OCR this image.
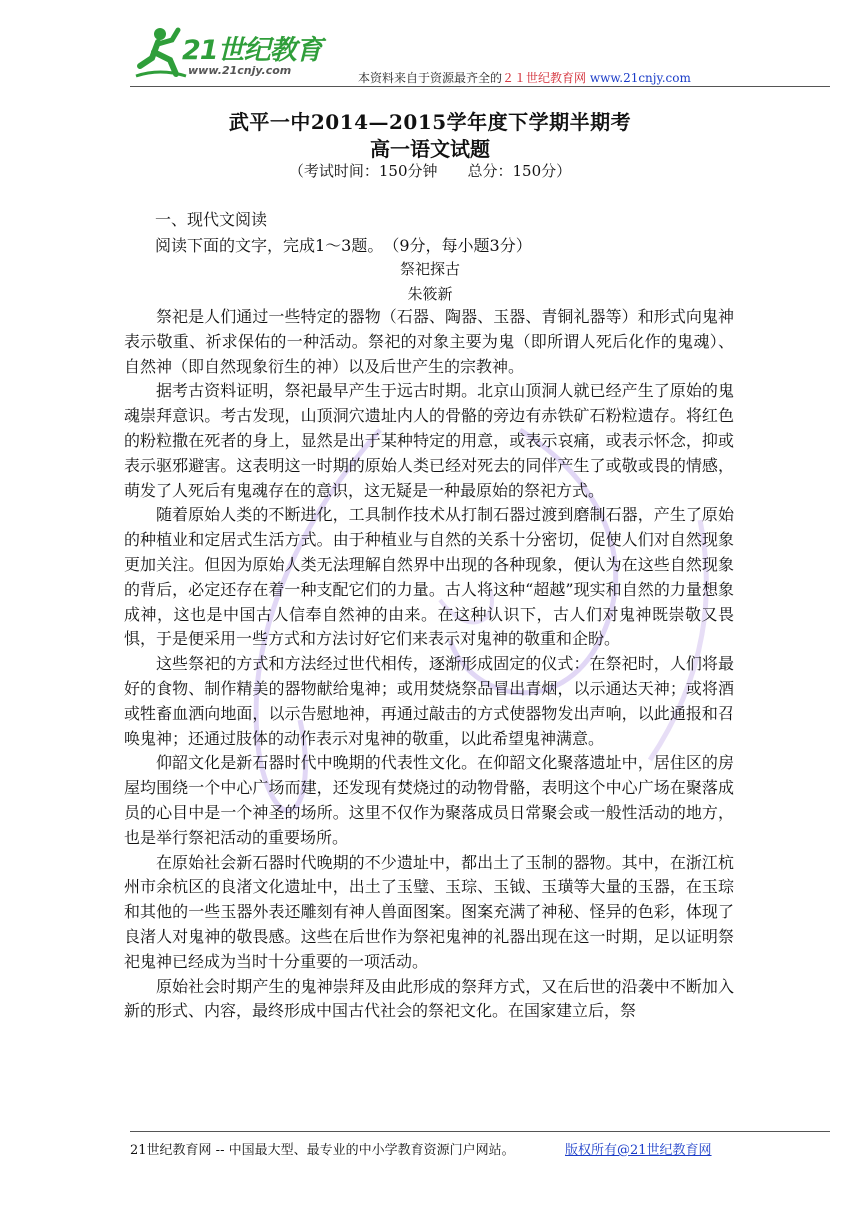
21世纪教育
www.21cnjy.com
本资料来自于资源最齐全的２１世纪教育网 www.21cnjy.com
武平一中2014—2015学年度下学期半期考
高一语文试题
（考试时间：150分钟　　总分：150分）
一、现代文阅读
阅读下面的文字，完成1～3题。　（9分，每小题3分）
祭祀探古
朱筱新

祭祀是人们通过一些特定的器物（石器、陶器、玉器、青铜礼器等）和形式向鬼神表示敬重、祈求保佑的一种活动。祭祀的对象主要为鬼（即所谓人死后化作的鬼魂）、自然神（即自然现象衍生的神）以及后世产生的宗教神。

据考古资料证明，祭祀最早产生于远古时期。北京山顶洞人就已经产生了原始的鬼魂崇拜意识。考古发现，山顶洞穴遗址内人的骨骼的旁边有赤铁矿石粉粒遗存。将红色的粉粒撒在死者的身上，显然是出于某种特定的用意，或表示哀痛，或表示怀念，抑或表示驱邪避害。这表明这一时期的原始人类已经对死去的同伴产生了或敬或畏的情感，萌发了人死后有鬼魂存在的意识，这无疑是一种最原始的祭祀方式。

随着原始人类的不断进化，工具制作技术从打制石器过渡到磨制石器，产生了原始的种植业和定居式生活方式。由于种植业与自然的关系十分密切，促使人们对自然现象更加关注。但因为原始人类无法理解自然界中出现的各种现象，便认为在这些自然现象的背后，必定还存在着一种支配它们的力量。古人将这种“超越”现实和自然的力量想象成神，这也是中国古人信奉自然神的由来。在这种认识下，古人们对鬼神既崇敬又畏惧，于是便采用一些方式和方法讨好它们来表示对鬼神的敬重和企盼。

这些祭祀的方式和方法经过世代相传，逐渐形成固定的仪式：在祭祀时，人们将最好的食物、制作精美的器物献给鬼神；或用焚烧祭品冒出青烟，以示通达天神；或将酒或牲畜血洒向地面，以示告慰地神，再通过敲击的方式使器物发出声响，以此通报和召唤鬼神；还通过肢体的动作表示对鬼神的敬重，以此希望鬼神满意。

仰韶文化是新石器时代中晚期的代表性文化。在仰韶文化聚落遗址中，居住区的房屋均围绕一个中心广场而建，还发现有焚烧过的动物骨骼，表明这个中心广场在聚落成员的心目中是一个神圣的场所。这里不仅作为聚落成员日常聚会或一般性活动的地方，也是举行祭祀活动的重要场所。

在原始社会新石器时代晚期的不少遗址中，都出土了玉制的器物。其中，在浙江杭州市余杭区的良渚文化遗址中，出土了玉璧、玉琮、玉钺、玉璜等大量的玉器，在玉琮和其他的一些玉器外表还雕刻有神人兽面图案。图案充满了神秘、怪异的色彩，体现了良渚人对鬼神的敬畏感。这些在后世作为祭祀鬼神的礼器出现在这一时期，足以证明祭祀鬼神已经成为当时十分重要的一项活动。

原始社会时期产生的鬼神崇拜及由此形成的祭拜方式，又在后世的沿袭中不断加入新的形式、内容，最终形成中国古代社会的祭祀文化。在国家建立后，祭

21世纪教育网 -- 中国最大型、最专业的中小学教育资源门户网站。	版权所有@21世纪教育网
